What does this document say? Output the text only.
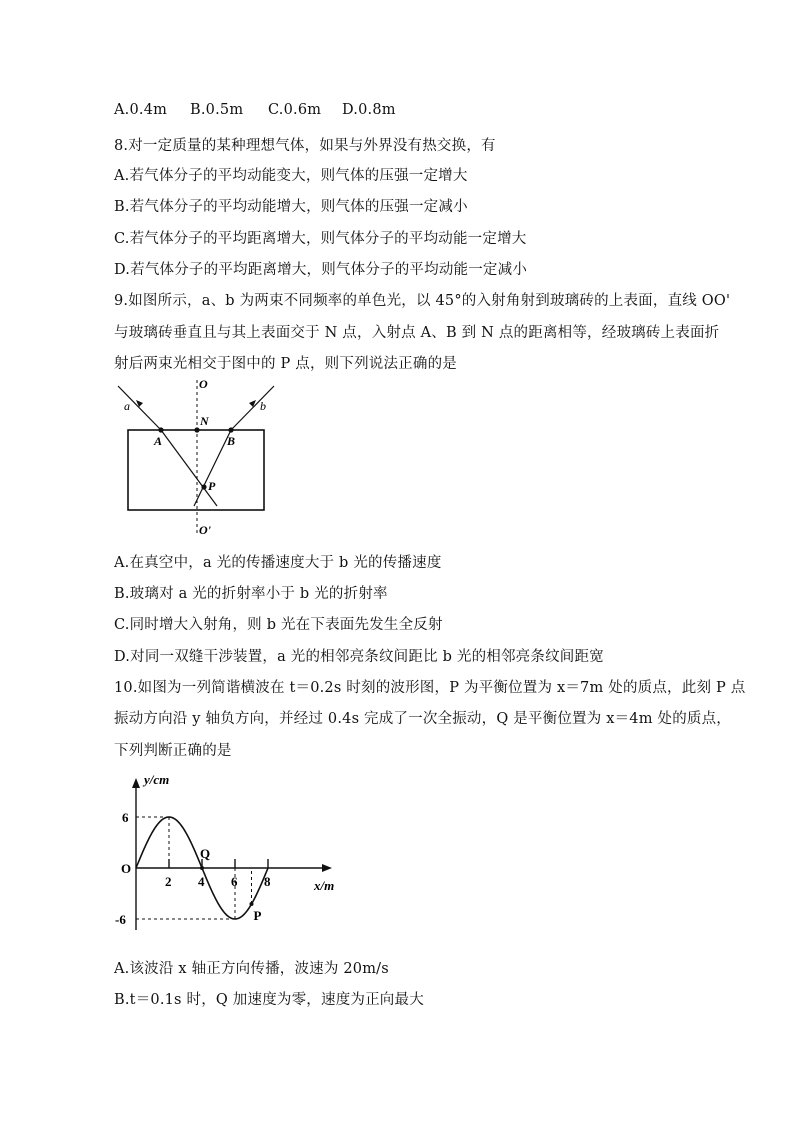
A.0.4m B.0.5m C.0.6m D.0.8m
8.对一定质量的某种理想气体，如果与外界没有热交换，有
A.若气体分子的平均动能变大，则气体的压强一定增大
B.若气体分子的平均动能增大，则气体的压强一定减小
C.若气体分子的平均距离增大，则气体分子的平均动能一定增大
D.若气体分子的平均距离增大，则气体分子的平均动能一定减小
9.如图所示，a、b 为两束不同频率的单色光，以 45°的入射角射到玻璃砖的上表面，直线 OO'
与玻璃砖垂直且与其上表面交于 N 点，入射点 A、B 到 N 点的距离相等，经玻璃砖上表面折
射后两束光相交于图中的 P 点，则下列说法正确的是
O
N
A	B
P
a	b
O'
A.在真空中，a 光的传播速度大于 b 光的传播速度
B.玻璃对 a 光的折射率小于 b 光的折射率
C.同时增大入射角，则 b 光在下表面先发生全反射
D.对同一双缝干涉装置，a 光的相邻亮条纹间距比 b 光的相邻亮条纹间距宽
10.如图为一列简谐横波在 t＝0.2s 时刻的波形图，P 为平衡位置为 x＝7m 处的质点，此刻 P 点
振动方向沿 y 轴负方向，并经过 0.4s 完成了一次全振动，Q 是平衡位置为 x＝4m 处的质点，
下列判断正确的是
2 4 6 8
6
-6
Q
P
y/cm
x/m
O
A.该波沿 x 轴正方向传播，波速为 20m/s
B.t＝0.1s 时，Q 加速度为零，速度为正向最大
